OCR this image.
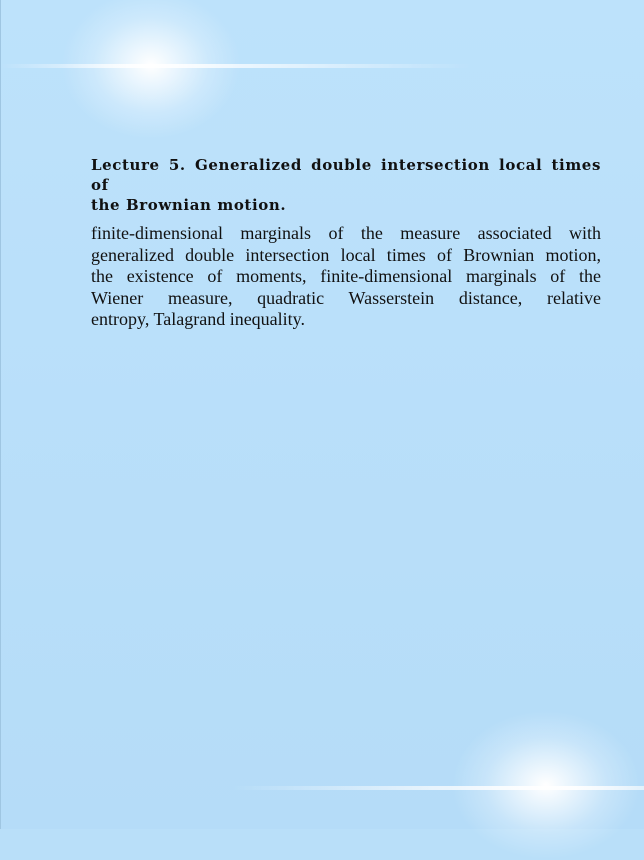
Lecture 5. Generalized double intersection local times of
the Brownian motion.
finite-dimensional marginals of the measure associated with
generalized double intersection local times of Brownian motion,
the existence of moments, finite-dimensional marginals of the
Wiener measure, quadratic Wasserstein distance, relative
entropy, Talagrand inequality.
